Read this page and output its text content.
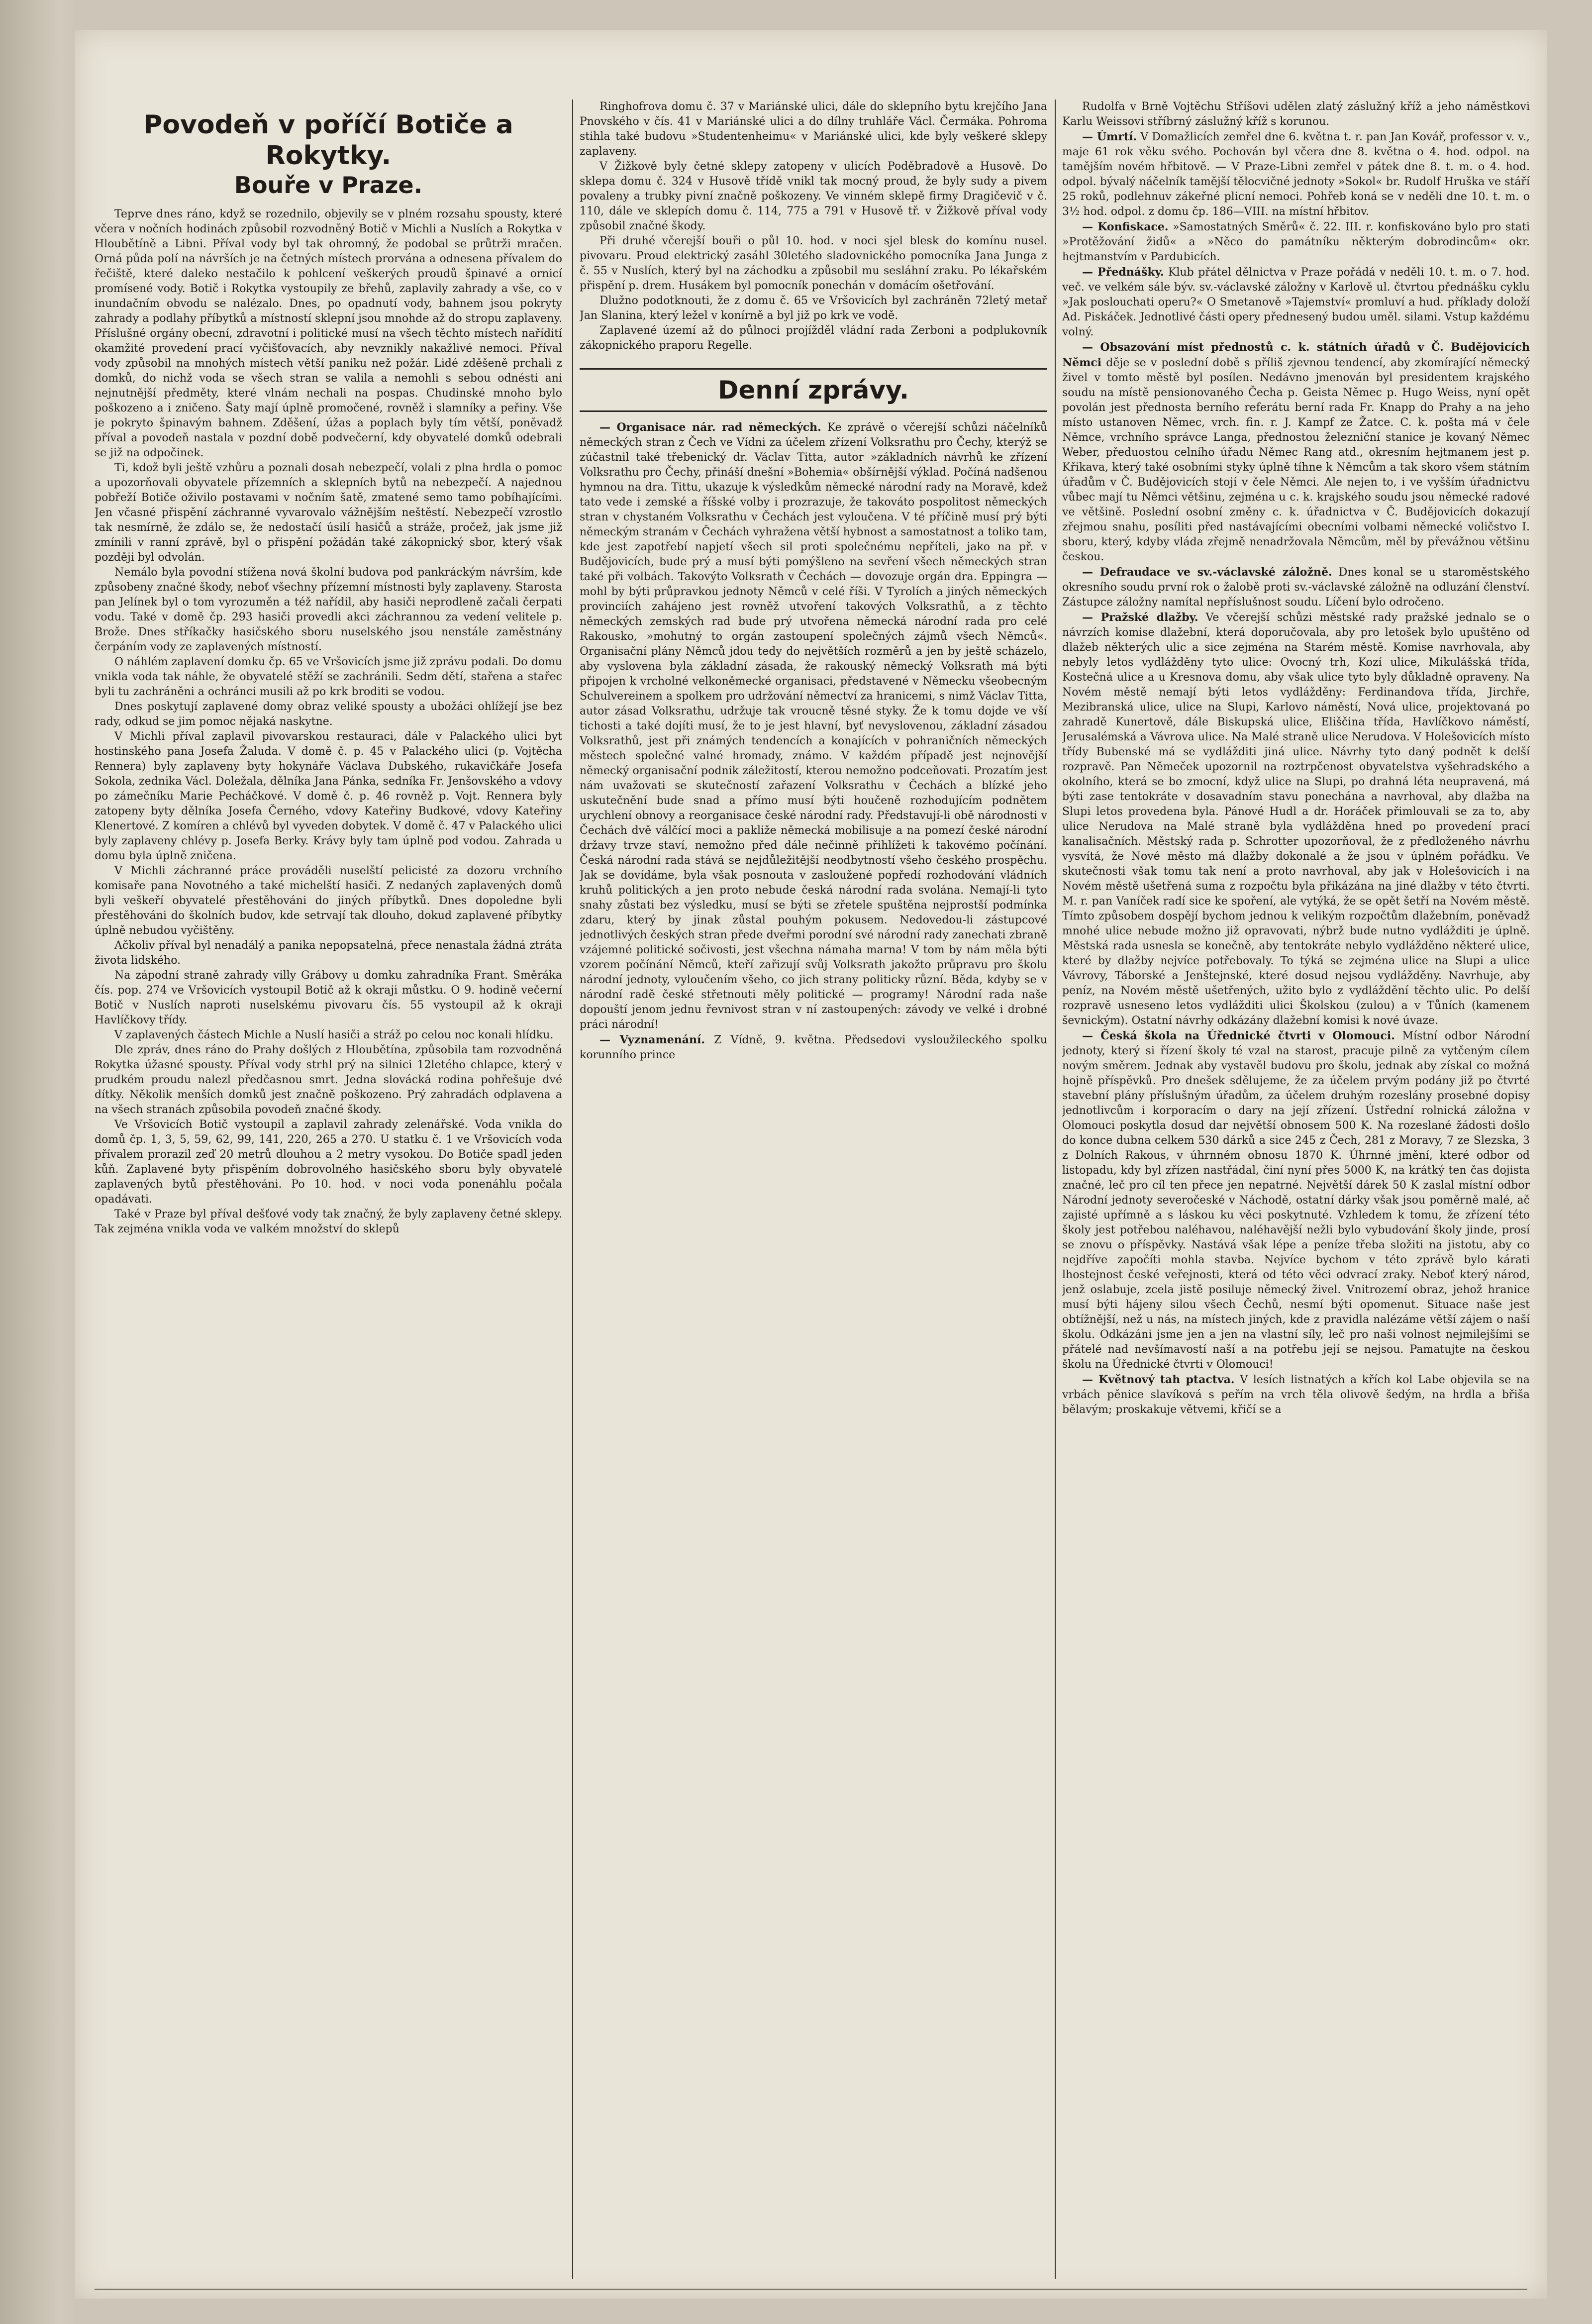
Povodeň v poříčí Botiče a Rokytky.
Bouře v Praze.

Teprve dnes ráno, když se rozednilo, objevily se v plném rozsahu spousty, které včera v nočních hodinách způsobil rozvodněný Botič v Michli a Nuslích a Rokytka v Hloubětíně a Libni. Příval vody byl tak ohromný, že podobal se průtrži mračen. Orná půda polí na návrších je na četných místech prorvána a odnesena přívalem do řečiště, které daleko nestačilo k pohlcení veškerých proudů špinavé a ornicí promísené vody. Botič i Rokytka vystoupily ze břehů, zaplavily zahrady a vše, co v inundačním obvodu se nalézalo. Dnes, po opadnutí vody, bahnem jsou pokryty zahrady a podlahy příbytků a místností sklepní jsou mnohde až do stropu zaplaveny. Příslušné orgány obecní, zdravotní i politické musí na všech těchto místech nařídití okamžité provedení prací vyčišťovacích, aby nevznikly nakažlivé nemoci. Příval vody způsobil na mnohých místech větší paniku než požár. Lidé zděšeně prchali z domků, do nichž voda se všech stran se valila a nemohli s sebou odnésti ani nejnutnější předměty, které vlnám nechali na pospas. Chudinské mnoho bylo poškozeno a i zničeno. Šaty mají úplně promočené, rovněž i slamníky a peřiny. Vše je pokryto špinavým bahnem. Zděšení, úžas a poplach byly tím větší, poněvadž příval a povodeň nastala v pozdní době podvečerní, kdy obyvatelé domků odebrali se již na odpočinek.

Ti, kdož byli ještě vzhůru a poznali dosah nebezpečí, volali z plna hrdla o pomoc a upozorňovali obyvatele přízemních a sklepních bytů na nebezpečí. A najednou pobřeží Botiče oživilo postavami v nočním šatě, zmatené semo tamo pobíhajícími. Jen včasné přispění záchranné vyvarovalo vážnějším neštěstí. Nebezpečí vzrostlo tak nesmírně, že zdálo se, že nedostačí úsilí hasičů a stráže, pročež, jak jsme již zmínili v ranní zprávě, byl o přispění požádán také zákopnický sbor, který však později byl odvolán.

Nemálo byla povodní stížena nová školní budova pod pankráckým návrším, kde způsobeny značné škody, neboť všechny přízemní místnosti byly zaplaveny. Starosta pan Jelínek byl o tom vyrozuměn a též nařídil, aby hasiči neprodleně začali čerpati vodu. Také v domě čp. 293 hasiči provedli akci záchrannou za vedení velitele p. Brože. Dnes stříkačky hasičského sboru nuselského jsou nenstále zaměstnány čerpáním vody ze zaplavených místností.

O náhlém zaplavení domku čp. 65 ve Vršovicích jsme již zprávu podali. Do domu vnikla voda tak náhle, že obyvatelé stěží se zachránili. Sedm dětí, stařena a stařec byli tu zachráněni a ochránci musili až po krk broditi se vodou.

Dnes poskytují zaplavené domy obraz veliké spousty a ubožáci ohlížejí jse bez rady, odkud se jim pomoc nějaká naskytne.

V Michli příval zaplavil pivovarskou restauraci, dále v Palackého ulici byt hostinského pana Josefa Žaluda. V domě č. p. 45 v Palackého ulici (p. Vojtěcha Rennera) byly zaplaveny byty hokynáře Václava Dubského, rukavičkáře Josefa Sokola, zednika Václ. Doležala, dělníka Jana Pánka, sedníka Fr. Jenšovského a vdovy po zámečníku Marie Pecháčkové. V domě č. p. 46 rovněž p. Vojt. Rennera byly zatopeny byty dělníka Josefa Černého, vdovy Kateřiny Budkové, vdovy Kateřiny Klenertové. Z komíren a chlévů byl vyveden dobytek. V domě č. 47 v Palackého ulici byly zaplaveny chlévy p. Josefa Berky. Krávy byly tam úplně pod vodou. Zahrada u domu byla úplně zničena.

V Michli záchranné práce prováděli nuselští pelicisté za dozoru vrchního komisaře pana Novotného a také michelští hasiči. Z nedaných zaplavených domů byli veškeří obyvatelé přestěhováni do jiných příbytků. Dnes dopoledne byli přestěhováni do školních budov, kde setrvají tak dlouho, dokud zaplavené příbytky úplně nebudou vyčištěny.

Ačkoliv příval byl nenadálý a panika nepopsatelná, přece nenastala žádná ztráta života lidského.

Na zápodní straně zahrady villy Grábovy u domku zahradníka Frant. Směráka čís. pop. 274 ve Vršovicích vystoupil Botič až k okraji můstku. O 9. hodině večerní Botič v Nuslích naproti nuselskému pivovaru čís. 55 vystoupil až k okraji Havlíčkovy třídy.

V zaplavených částech Michle a Nuslí hasiči a stráž po celou noc konali hlídku.

Dle zpráv, dnes ráno do Prahy došlých z Hloubětína, způsobila tam rozvodněná Rokytka úžasné spousty. Příval vody strhl prý na silnici 12letého chlapce, který v prudkém proudu nalezl předčasnou smrt. Jedna slovácká rodina pohřešuje dvé dítky. Několik menších domků jest značně poškozeno. Prý zahradách odplavena a na všech stranách způsobila povodeň značné škody.

Ve Vršovicích Botič vystoupil a zaplavil zahrady zelenářské. Voda vnikla do domů čp. 1, 3, 5, 59, 62, 99, 141, 220, 265 a 270. U statku č. 1 ve Vršovicích voda přívalem prorazil zeď 20 metrů dlouhou a 2 metry vysokou. Do Botiče spadl jeden kůň. Zaplavené byty přispěním dobrovolného hasičského sboru byly obyvatelé zaplavených bytů přestěhováni. Po 10. hod. v noci voda ponenáhlu počala opadávati.

Také v Praze byl příval dešťové vody tak značný, že byly zaplaveny četné sklepy. Tak zejména vnikla voda ve valkém množství do sklepů

Ringhofrova domu č. 37 v Mariánské ulici, dále do sklepního bytu krejčího Jana Pnovského v čís. 41 v Mariánské ulici a do dílny truhláře Václ. Čermáka. Pohroma stihla také budovu »Studentenheimu« v Mariánské ulici, kde byly veškeré sklepy zaplaveny.

V Žižkově byly četné sklepy zatopeny v ulicích Poděbradově a Husově. Do sklepa domu č. 324 v Husově třídě vnikl tak mocný proud, že byly sudy a pivem povaleny a trubky pivní značně poškozeny. Ve vinném sklepě firmy Dragičevič v č. 110, dále ve sklepích domu č. 114, 775 a 791 v Husově tř. v Žižkově příval vody způsobil značné škody.

Při druhé včerejší bouři o půl 10. hod. v noci sjel blesk do komínu nusel. pivovaru. Proud elektrický zasáhl 30letého sladovnického pomocníka Jana Junga z č. 55 v Nuslích, který byl na záchodku a způsobil mu sesláhní zraku. Po lékařském přispění p. drem. Husákem byl pomocník ponechán v domácím ošetřování.

Dlužno podotknouti, že z domu č. 65 ve Vršovicích byl zachráněn 72letý metař Jan Slanina, který ležel v konírně a byl již po krk ve vodě.

Zaplavené území až do půlnoci projížděl vládní rada Zerboni a podplukovník zákopnického praporu Regelle.

Denní zprávy.

— Organisace nár. rad německých. Ke zprávě o včerejší schůzi náčelníků německých stran z Čech ve Vídni za účelem zřízení Volksrathu pro Čechy, kterýž se zúčastnil také třebenický dr. Václav Titta, autor »základních návrhů ke zřízení Volksrathu pro Čechy, přináší dnešní »Bohemia« obšírnější výklad. Počíná nadšenou hymnou na dra. Tittu, ukazuje k výsledkům německé národní rady na Moravě, kdež tato vede i zemské a říšské volby i prozrazuje, že takováto pospolitost německých stran v chystaném Volksrathu v Čechách jest vyloučena. V té příčině musí prý býti německým stranám v Čechách vyhražena větší hybnost a samostatnost a toliko tam, kde jest zapotřebí napjetí všech sil proti společnému nepříteli, jako na př. v Budějovicích, bude prý a musí býti pomýšleno na sevření všech německých stran také při volbách. Takovýto Volksrath v Čechách — dovozuje orgán dra. Eppingra — mohl by býti průpravkou jednoty Němců v celé říši. V Tyrolích a jiných německých provinciích zahájeno jest rovněž utvoření takových Volksrathů, a z těchto německých zemských rad bude prý utvořena německá národní rada pro celé Rakousko, »mohutný to orgán zastoupení společných zájmů všech Němců«. Organisační plány Němců jdou tedy do největších rozměrů a jen by ještě scházelo, aby vyslovena byla základní zásada, že rakouský německý Volksrath má býti připojen k vrcholné velkoněmecké organisaci, představené v Německu všeobecným Schulvereinem a spolkem pro udržování němectví za hranicemi, s nimž Václav Titta, autor zásad Volksrathu, udržuje tak vroucně těsné styky. Že k tomu dojde ve vší tichosti a také dojíti musí, že to je jest hlavní, byť nevyslovenou, základní zásadou Volksrathů, jest při známých tendencích a konajících v pohraničních německých městech společné valné hromady, známo. V každém případě jest nejnovější německý organisační podnik záležitostí, kterou nemožno podceňovati. Prozatím jest nám uvažovati se skutečností zařazení Volksrathu v Čechách a blízké jeho uskutečnění bude snad a přímo musí býti houčeně rozhodujícím podnětem urychlení obnovy a reorganisace české národní rady. Představují-li obě národnosti v Čechách dvě válčící moci a pakliže německá mobilisuje a na pomezí české národní državy trvze staví, nemožno před dále nečinně přihlížeti k takovémo počínání. Česká národní rada stává se nejdůležitější neodbytností všeho českého prospěchu. Jak se dovídáme, byla však posnouta v zasloužené popředí rozhodování vládních kruhů politických a jen proto nebude česká národní rada svolána. Nemají-li tyto snahy zůstati bez výsledku, musí se býti se zřetele spuštěna nejprostší podmínka zdaru, který by jinak zůstal pouhým pokusem. Nedovedou-li zástupcové jednotlivých českých stran přede dveřmi porodní své národní rady zanechati zbraně vzájemné politické sočivosti, jest všechna námaha marna! V tom by nám měla býti vzorem počínání Němců, kteří zařizují svůj Volksrath jakožto průpravu pro školu národní jednoty, vyloučením všeho, co jich strany politicky různí. Běda, kdyby se v národní radě české střetnouti měly politické — programy! Národní rada naše dopouští jenom jednu řevnivost stran v ní zastoupených: závody ve velké i drobné práci národní!

— Vyznamenání. Z Vídně, 9. května. Předsedovi vysloužileckého spolku korunního prince

Rudolfa v Brně Vojtěchu Stříšovi udělen zlatý záslužný kříž a jeho náměstkovi Karlu Weissovi stříbrný záslužný kříž s korunou.

— Úmrtí. V Domažlicích zemřel dne 6. května t. r. pan Jan Kovář, professor v. v., maje 61 rok věku svého. Pochován byl včera dne 8. května o 4. hod. odpol. na tamějším novém hřbitově. — V Praze-Libni zemřel v pátek dne 8. t. m. o 4. hod. odpol. bývalý náčelník tamější tělocvičné jednoty »Sokol« br. Rudolf Hruška ve stáří 25 roků, podlehnuv zákeřné plicní nemoci. Pohřeb koná se v neděli dne 10. t. m. o 3½ hod. odpol. z domu čp. 186—VIII. na místní hřbitov.

— Konfiskace. »Samostatných Směrů« č. 22. III. r. konfiskováno bylo pro stati »Protěžování židů« a »Něco do památníku některým dobrodincům« okr. hejtmanstvím v Pardubicích.

— Přednášky. Klub přátel dělnictva v Praze pořádá v neděli 10. t. m. o 7. hod. več. ve velkém sále býv. sv.-václavské záložny v Karlově ul. čtvrtou přednášku cyklu »Jak poslouchati operu?« O Smetanově »Tajemství« promluví a hud. příklady doloží Ad. Piskáček. Jednotlivé části opery přednesený budou uměl. silami. Vstup každému volný.

— Obsazování míst přednostů c. k. státních úřadů v Č. Budějovicích Němci děje se v poslední době s příliš zjevnou tendencí, aby zkomírající německý živel v tomto městě byl posílen. Nedávno jmenován byl presidentem krajského soudu na místě pensionovaného Čecha p. Geista Němec p. Hugo Weiss, nyní opět povolán jest přednosta berního referátu berní rada Fr. Knapp do Prahy a na jeho místo ustanoven Němec, vrch. fin. r. J. Kampf ze Žatce. C. k. pošta má v čele Němce, vrchního správce Langa, přednostou železniční stanice je kovaný Němec Weber, předuostou celního úřadu Němec Rang atd., okresním hejtmanem jest p. Křikava, který také osobními styky úplně tíhne k Němcům a tak skoro všem státním úřadům v Č. Budějovicích stojí v čele Němci. Ale nejen to, i ve vyšším úřadnictvu vůbec mají tu Němci většinu, zejména u c. k. krajského soudu jsou německé radové ve většině. Poslední osobní změny c. k. úřadnictva v Č. Budějovicích dokazují zřejmou snahu, posíliti před nastávajícími obecními volbami německé voličstvo I. sboru, který, kdyby vláda zřejmě nenadržovala Němcům, měl by převážnou většinu českou.

— Defraudace ve sv.-václavské záložně. Dnes konal se u staroměstského okresního soudu první rok o žalobě proti sv.-václavské záložně na odluzání členství. Zástupce záložny namítal nepříslušnost soudu. Líčení bylo odročeno.

— Pražské dlažby. Ve včerejší schůzi městské rady pražské jednalo se o návrzích komise dlažební, která doporučovala, aby pro letošek bylo upuštěno od dlažeb některých ulic a sice zejména na Starém městě. Komise navrhovala, aby nebyly letos vydlážděny tyto ulice: Ovocný trh, Kozí ulice, Mikulášská třída, Kostečná ulice a u Kresnova domu, aby však ulice tyto byly důkladně opraveny. Na Novém městě nemají býti letos vydlážděny: Ferdinandova třída, Jirchře, Mezibranská ulice, ulice na Slupi, Karlovo náměstí, Nová ulice, projektovaná po zahradě Kunertově, dále Biskupská ulice, Eliščina třída, Havlíčkovo náměstí, Jerusalémská a Vávrova ulice. Na Malé straně ulice Nerudova. V Holešovicích místo třídy Bubenské má se vydlážditi jiná ulice. Návrhy tyto daný podnět k delší rozpravě. Pan Němeček upozornil na roztrpčenost obyvatelstva vyšehradského a okolního, která se bo zmocní, když ulice na Slupi, po drahná léta neupravená, má býti zase tentokráte v dosavadním stavu ponechána a navrhoval, aby dlažba na Slupi letos provedena byla. Pánové Hudl a dr. Horáček přimlouvali se za to, aby ulice Nerudova na Malé straně byla vydlážděna hned po provedení prací kanalisačních. Městský rada p. Schrotter upozorňoval, že z předloženého návrhu vysvítá, že Nové město má dlažby dokonalé a že jsou v úplném pořádku. Ve skutečnosti však tomu tak není a proto navrhoval, aby jak v Holešovicích i na Novém městě ušetřená suma z rozpočtu byla přikázána na jiné dlažby v této čtvrti. M. r. pan Vaníček radí sice ke spoření, ale vytýká, že se opět šetří na Novém městě. Tímto způsobem dospějí bychom jednou k velikým rozpočtům dlažebním, poněvadž mnohé ulice nebude možno již opravovati, nýbrž bude nutno vydlážditi je úplně. Městská rada usnesla se konečně, aby tentokráte nebylo vydlážděno některé ulice, které by dlažby nejvíce potřebovaly. To týká se zejména ulice na Slupi a ulice Vávrovy, Táborské a Jenštejnské, které dosud nejsou vydlážděny. Navrhuje, aby peníz, na Novém městě ušetřených, užito bylo z vydláždění těchto ulic. Po delší rozpravě usneseno letos vydlážditi ulici Školskou (zulou) a v Tůních (kamenem ševnickým). Ostatní návrhy odkázány dlažební komisi k nové úvaze.

— Česká škola na Úřednické čtvrti v Olomouci. Místní odbor Národní jednoty, který si řízení školy té vzal na starost, pracuje pilně za vytčeným cílem novým směrem. Jednak aby vystavěl budovu pro školu, jednak aby získal co možná hojně příspěvků. Pro dnešek sdělujeme, že za účelem prvým podány již po čtvrté stavební plány příslušným úřadům, za účelem druhým rozeslány prosebné dopisy jednotlivcům i korporacím o dary na její zřízení. Ústřední rolnická záložna v Olomouci poskytla dosud dar největší obnosem 500 K. Na rozeslané žádosti došlo do konce dubna celkem 530 dárků a sice 245 z Čech, 281 z Moravy, 7 ze Slezska, 3 z Dolních Rakous, v úhrnném obnosu 1870 K. Úhrnné jmění, které odbor od listopadu, kdy byl zřízen nastřádal, činí nyní přes 5000 K, na krátký ten čas dojista značné, leč pro cíl ten přece jen nepatrné. Největší dárek 50 K zaslal místní odbor Národní jednoty severočeské v Náchodě, ostatní dárky však jsou poměrně malé, ač zajisté upřímně a s láskou ku věci poskytnuté. Vzhledem k tomu, že zřízení této školy jest potřebou naléhavou, naléhavější nežli bylo vybudování školy jinde, prosí se znovu o příspěvky. Nastává však lépe a peníze třeba složiti na jistotu, aby co nejdříve započíti mohla stavba. Nejvíce bychom v této zprávě bylo kárati lhostejnost české veřejnosti, která od této věci odvrací zraky. Neboť který národ, jenž oslabuje, zcela jistě posiluje německý živel. Vnitrozemí obraz, jehož hranice musí býti hájeny silou všech Čechů, nesmí býti opomenut. Situace naše jest obtížnější, než u nás, na místech jiných, kde z pravidla nalézáme větší zájem o naší školu. Odkázáni jsme jen a jen na vlastní síly, leč pro naši volnost nejmilejšími se přátelé nad nevšímavostí naší a na potřebu její se nejsou. Pamatujte na českou školu na Úřednické čtvrti v Olomouci!

— Květnový tah ptactva. V lesích listnatých a křích kol Labe objevila se na vrbách pěnice slavíková s peřím na vrch těla olivově šedým, na hrdla a břiša bělavým; proskakuje větvemi, křičí se a
